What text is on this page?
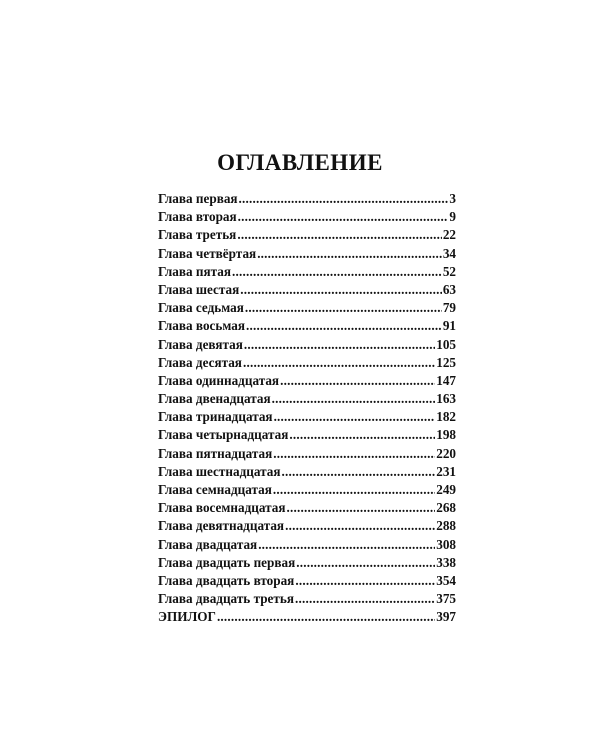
ОГЛАВЛЕНИЕ
Глава первая .....	3
Глава вторая .....	9
Глава третья .....	22
Глава четвёртая .....	34
Глава пятая .....	52
Глава шестая .....	63
Глава седьмая .....	79
Глава восьмая .....	91
Глава девятая .....	105
Глава десятая .....	125
Глава одиннадцатая .....	147
Глава двенадцатая .....	163
Глава тринадцатая .....	182
Глава четырнадцатая .....	198
Глава пятнадцатая .....	220
Глава шестнадцатая .....	231
Глава семнадцатая .....	249
Глава восемнадцатая .....	268
Глава девятнадцатая .....	288
Глава двадцатая .....	308
Глава двадцать первая .....	338
Глава двадцать вторая .....	354
Глава двадцать третья .....	375
ЭПИЛОГ .....	397
